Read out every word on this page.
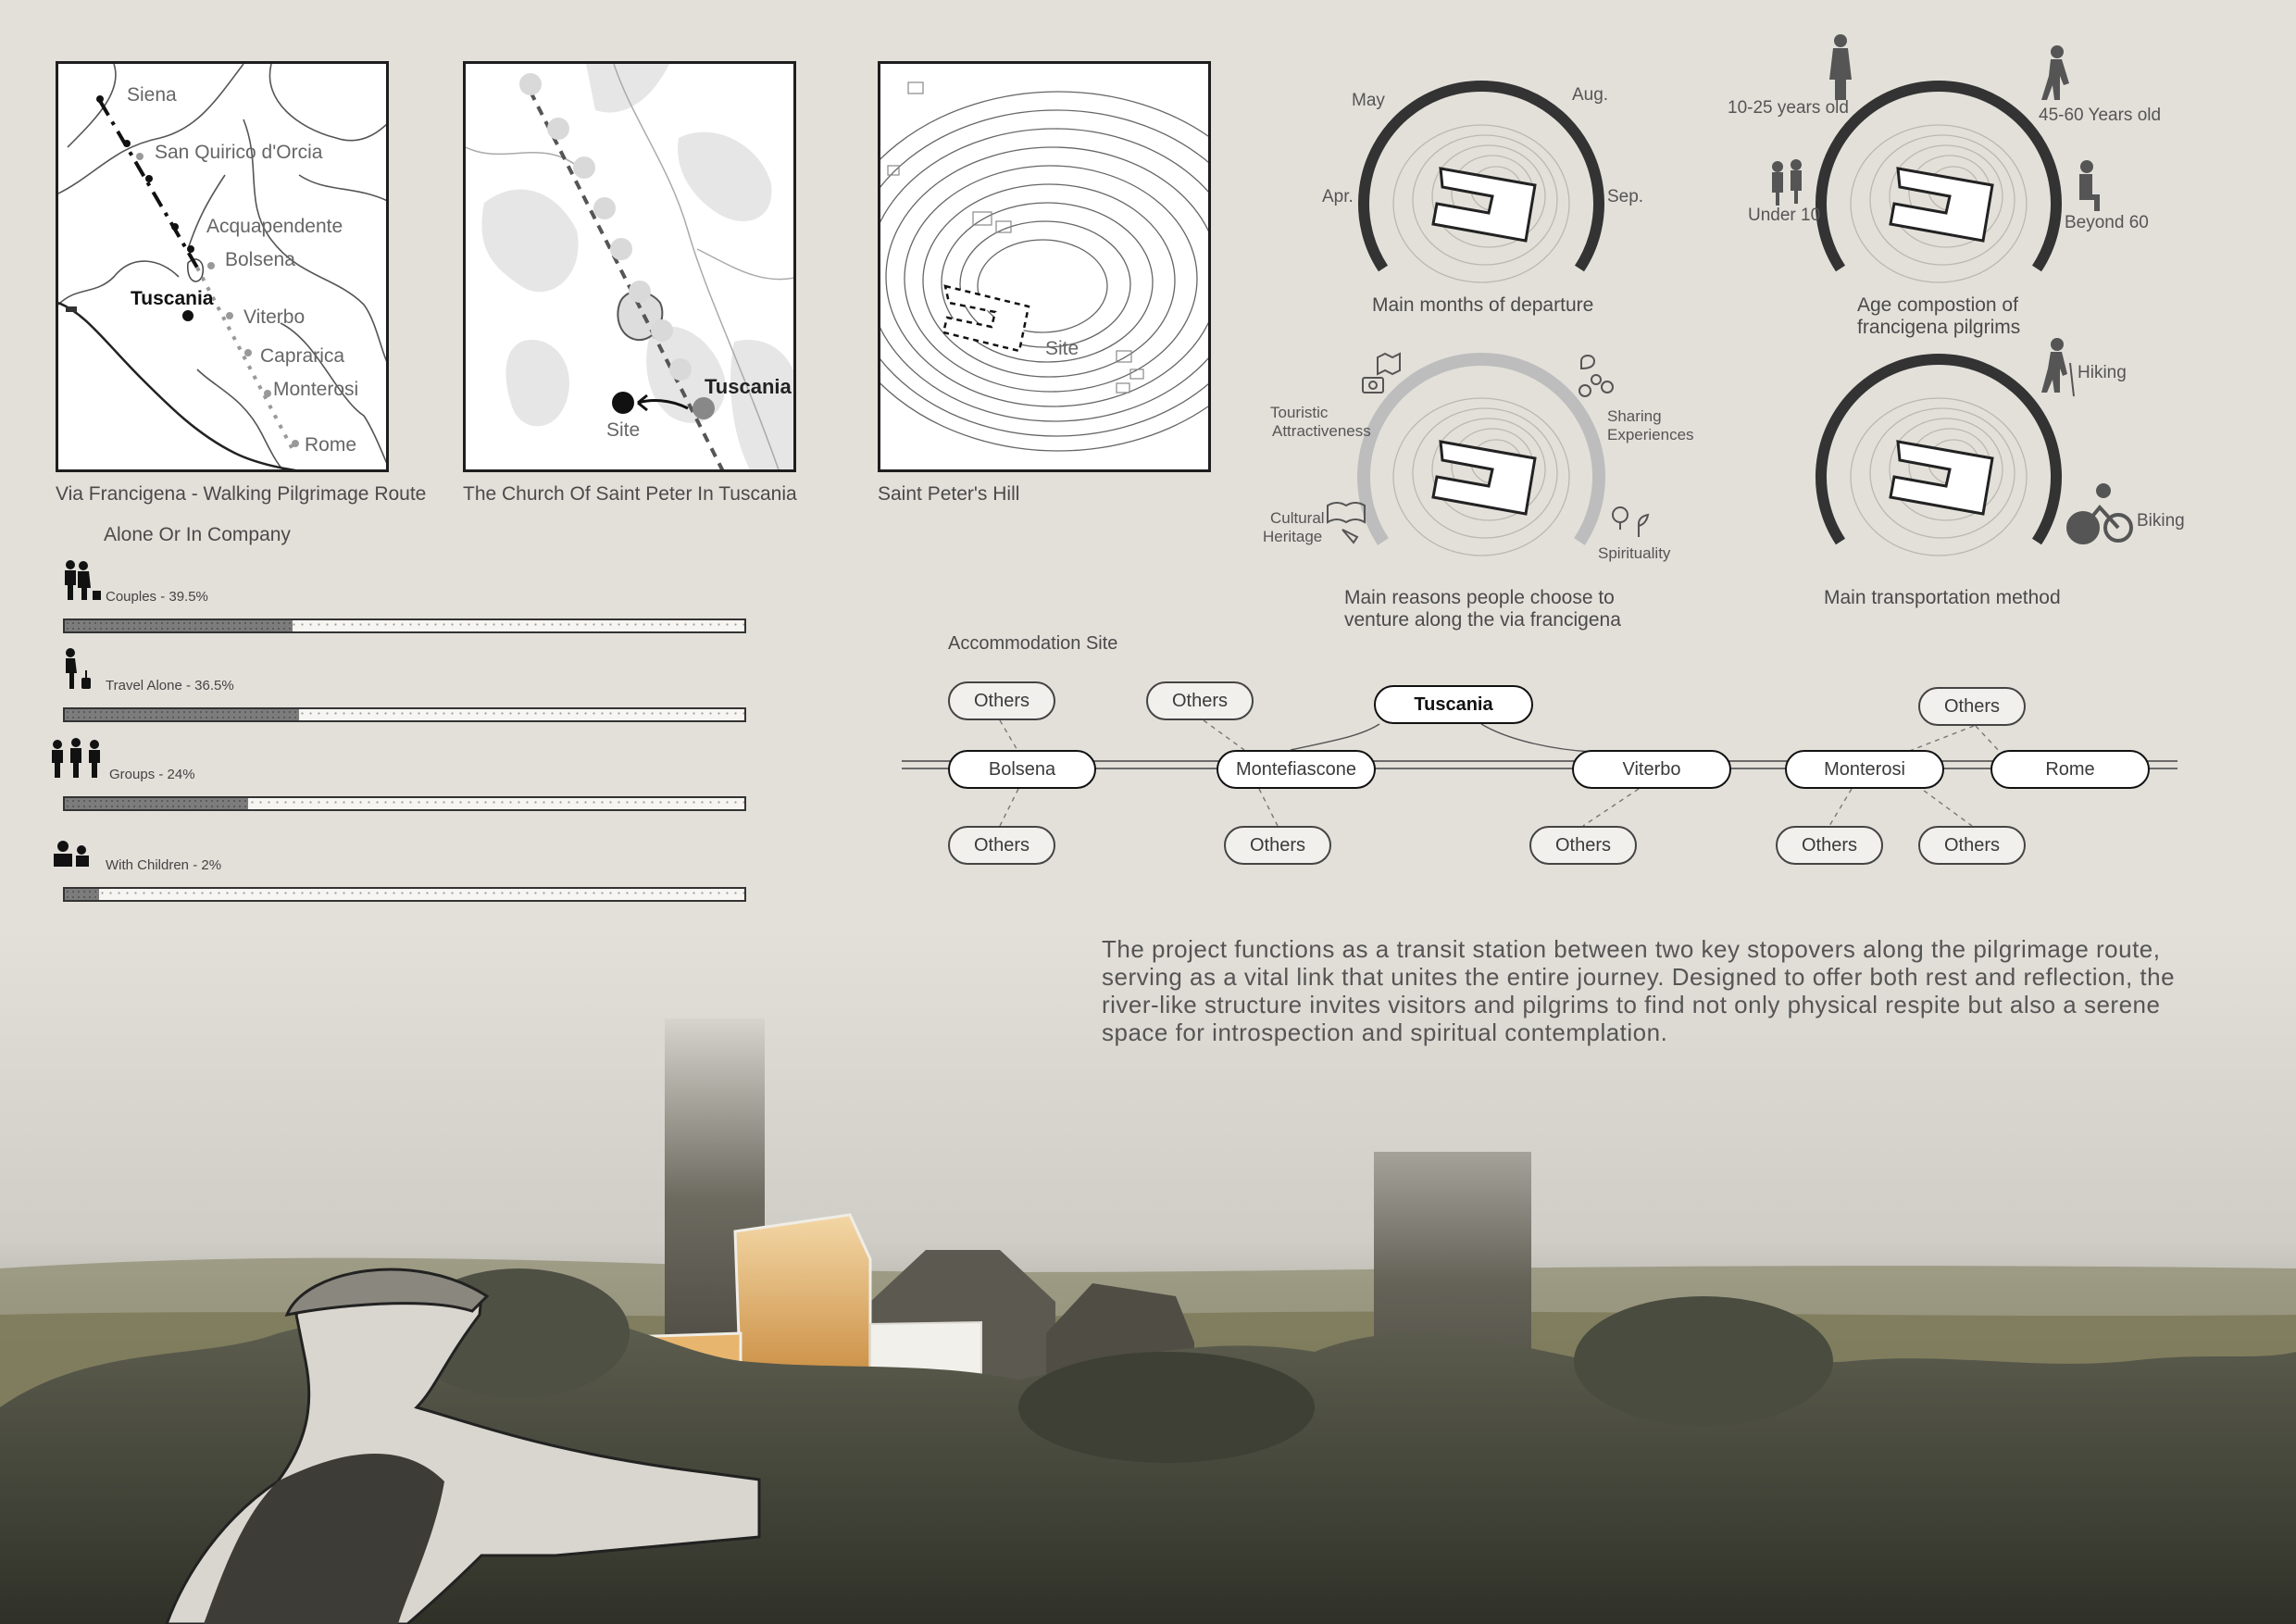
Siena
San Quirico d'Orcia
Acquapendente
Bolsena
Tuscania
Viterbo
Caprarica
Monterosi
Rome
Via Francigena - Walking Pilgrimage Route
Tuscania
Site
The Church Of Saint Peter In Tuscania
Site
Saint Peter's Hill
Alone Or In Company
Couples - 39.5%
Travel Alone - 36.5%
Groups - 24%
With Children - 2%
May	Aug.
Apr.	Sep.
Main months of departure
10-25 years old	45-60 Years old
Under 10	Beyond 60
Age compostion of
francigena pilgrims
Touristic
Attractiveness
Sharing
Experiences
Cultural
Heritage
Spirituality
Main reasons people choose to
venture along the via francigena
Hiking
Biking
Main transportation method
Accommodation Site
Bolsena	Montefiascone	Viterbo	Monterosi	Rome
Tuscania
Others	Others	Others
Others	Others	Others	Others	Others
The project functions as a transit station between two key stopovers along the pilgrimage route,
serving as a vital link that unites the entire journey. Designed to offer both rest and reflection, the
river-like structure invites visitors and pilgrims to find not only physical respite but also a serene
space for introspection and spiritual contemplation.
